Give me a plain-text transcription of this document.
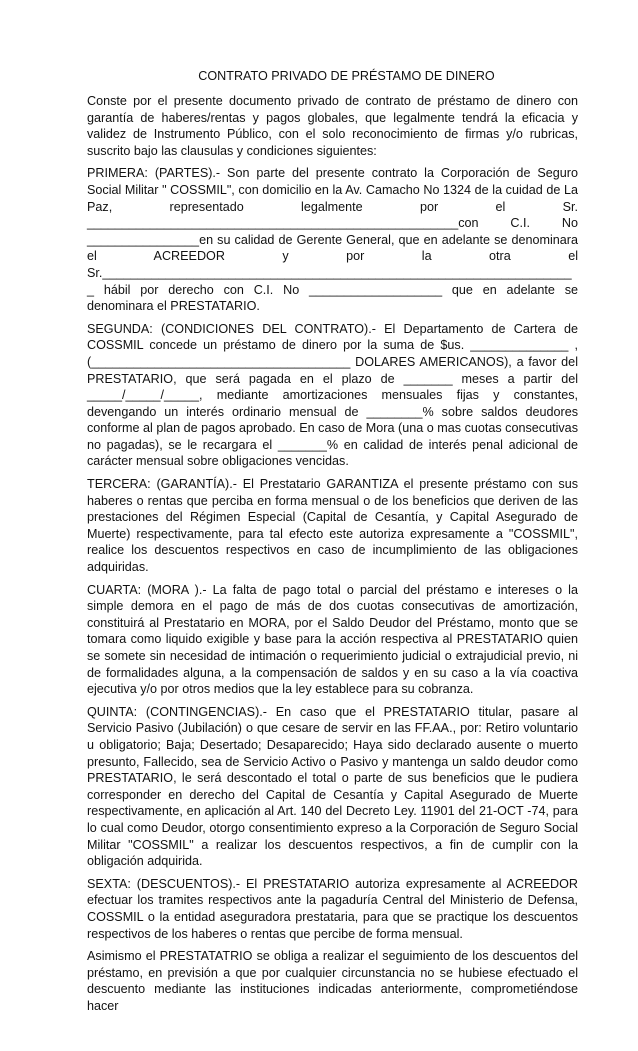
CONTRATO PRIVADO DE PRÉSTAMO DE DINERO

Conste por el presente documento privado de contrato de préstamo de dinero con garantía de haberes/rentas y pagos globales, que legalmente tendrá la eficacia y validez de Instrumento Público, con el solo reconocimiento de firmas y/o rubricas, suscrito bajo las clausulas y condiciones siguientes:

PRIMERA: (PARTES).- Son parte del presente contrato la Corporación de Seguro Social Militar " COSSMIL", con domicilio en la Av. Camacho No 1324 de la cuidad de La Paz, representado legalmente por el Sr. _____________________________________________________con C.I. No ________________en su calidad de Gerente General, que en adelante se denominara el ACREEDOR y por la otra el Sr.___________________________________________________________________ _ hábil por derecho con C.I. No ___________________ que en adelante se denominara el PRESTATARIO.

SEGUNDA: (CONDICIONES DEL CONTRATO).- El Departamento de Cartera de COSSMIL concede un préstamo de dinero por la suma de $us. ______________ , (_____________________________________ DOLARES AMERICANOS), a favor del PRESTATARIO, que será pagada en el plazo de _______ meses a partir del _____/_____/_____, mediante amortizaciones mensuales fijas y constantes, devengando un interés ordinario mensual de ________% sobre saldos deudores conforme al plan de pagos aprobado. En caso de Mora (una o mas cuotas consecutivas no pagadas), se le recargara el _______% en calidad de interés penal adicional de carácter mensual sobre obligaciones vencidas.

TERCERA: (GARANTÍA).- El Prestatario GARANTIZA el presente préstamo con sus haberes o rentas que perciba en forma mensual o de los beneficios que deriven de las prestaciones del Régimen Especial (Capital de Cesantía, y Capital Asegurado de Muerte) respectivamente, para tal efecto este autoriza expresamente a "COSSMIL", realice los descuentos respectivos en caso de incumplimiento de las obligaciones adquiridas.

CUARTA: (MORA ).- La falta de pago total o parcial del préstamo e intereses o la simple demora en el pago de más de dos cuotas consecutivas de amortización, constituirá al Prestatario en MORA, por el Saldo Deudor del Préstamo, monto que se tomara como liquido exigible y base para la acción respectiva al PRESTATARIO quien se somete sin necesidad de intimación o requerimiento judicial o extrajudicial previo, ni de formalidades alguna, a la compensación de saldos y en su caso a la vía coactiva ejecutiva y/o por otros medios que la ley establece para su cobranza.

QUINTA: (CONTINGENCIAS).- En caso que el PRESTATARIO titular, pasare al Servicio Pasivo (Jubilación) o que cesare de servir en las FF.AA., por: Retiro voluntario u obligatorio; Baja; Desertado; Desaparecido; Haya sido declarado ausente o muerto presunto, Fallecido, sea de Servicio Activo o Pasivo y mantenga un saldo deudor como PRESTATARIO, le será descontado el total o parte de sus beneficios que le pudiera corresponder en derecho del Capital de Cesantía y Capital Asegurado de Muerte respectivamente, en aplicación al Art. 140 del Decreto Ley. 11901 del 21-OCT -74, para lo cual como Deudor, otorgo consentimiento expreso a la Corporación de Seguro Social Militar "COSSMIL" a realizar los descuentos respectivos, a fin de cumplir con la obligación adquirida.

SEXTA: (DESCUENTOS).- El PRESTATARIO autoriza expresamente al ACREEDOR efectuar los tramites respectivos ante la pagaduría Central del Ministerio de Defensa, COSSMIL o la entidad aseguradora prestataria, para que se practique los descuentos respectivos de los haberes o rentas que percibe de forma mensual.

Asimismo el PRESTATATRIO se obliga a realizar el seguimiento de los descuentos del préstamo, en previsión a que por cualquier circunstancia no se hubiese efectuado el descuento mediante las instituciones indicadas anteriormente, comprometiéndose hacer
